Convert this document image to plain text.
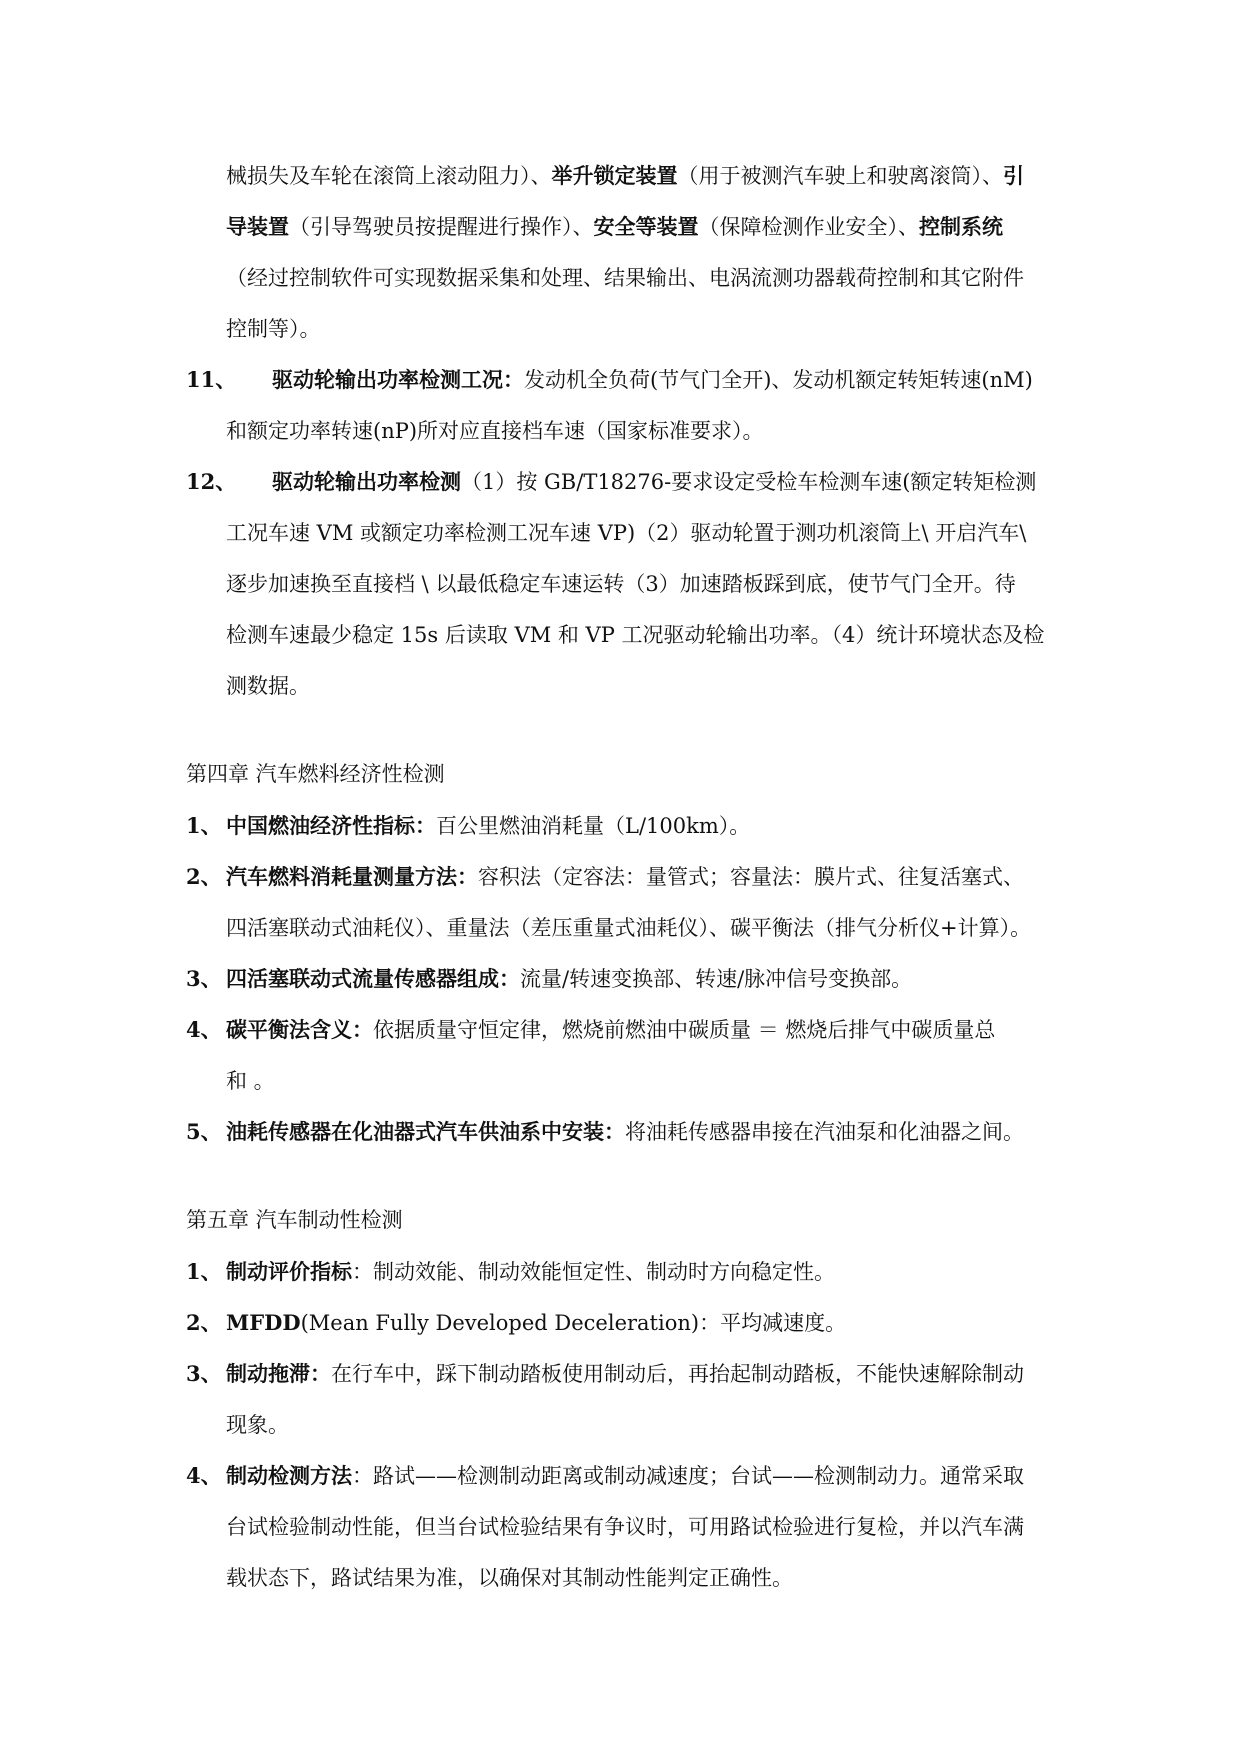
械损失及车轮在滚筒上滚动阻力）、举升锁定装置（用于被测汽车驶上和驶离滚筒）、引
导装置（引导驾驶员按提醒进行操作）、安全等装置（保障检测作业安全）、控制系统
（经过控制软件可实现数据采集和处理、结果输出、电涡流测功器载荷控制和其它附件
控制等）。
11、 驱动轮输出功率检测工况：发动机全负荷(节气门全开)、发动机额定转矩转速(nM)
和额定功率转速(nP)所对应直接档车速（国家标准要求）。
12、 驱动轮输出功率检测（1）按 GB/T18276-要求设定受检车检测车速(额定转矩检测
工况车速 VM 或额定功率检测工况车速 VP)（2）驱动轮置于测功机滚筒上\ 开启汽车\
逐步加速换至直接档 \ 以最低稳定车速运转（3）加速踏板踩到底，使节气门全开。待
检测车速最少稳定 15s 后读取 VM 和 VP 工况驱动轮输出功率。（4）统计环境状态及检
测数据。
第四章 汽车燃料经济性检测
1、 中国燃油经济性指标：百公里燃油消耗量（L/100km）。
2、 汽车燃料消耗量测量方法：容积法（定容法：量管式；容量法：膜片式、往复活塞式、
四活塞联动式油耗仪）、重量法（差压重量式油耗仪）、碳平衡法（排气分析仪+计算）。
3、 四活塞联动式流量传感器组成：流量/转速变换部、转速/脉冲信号变换部。
4、 碳平衡法含义：依据质量守恒定律，燃烧前燃油中碳质量 ＝ 燃烧后排气中碳质量总
和 。
5、 油耗传感器在化油器式汽车供油系中安装：将油耗传感器串接在汽油泵和化油器之间。
第五章 汽车制动性检测
1、 制动评价指标：制动效能、制动效能恒定性、制动时方向稳定性。
2、 MFDD(Mean Fully Developed Deceleration)：平均减速度。
3、 制动拖滞：在行车中，踩下制动踏板使用制动后，再抬起制动踏板，不能快速解除制动
现象。
4、 制动检测方法：路试——检测制动距离或制动减速度；台试——检测制动力。通常采取
台试检验制动性能，但当台试检验结果有争议时，可用路试检验进行复检，并以汽车满
载状态下，路试结果为准，以确保对其制动性能判定正确性。
